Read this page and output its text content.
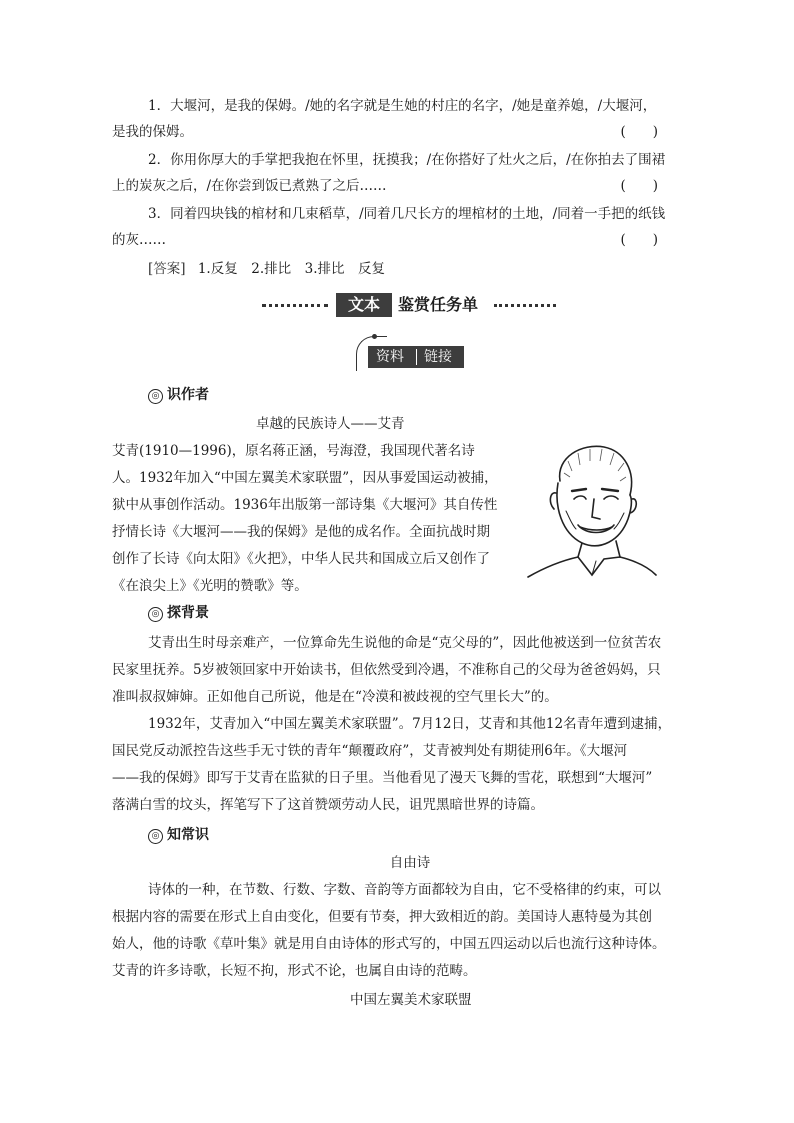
1．大堰河，是我的保姆。/她的名字就是生她的村庄的名字，/她是童养媳，/大堰河，
是我的保姆。	(　　)
2．你用你厚大的手掌把我抱在怀里，抚摸我；/在你搭好了灶火之后，/在你拍去了围裙
上的炭灰之后，/在你尝到饭已煮熟了之后……	(　　)
3．同着四块钱的棺材和几束稻草，/同着几尺长方的埋棺材的土地，/同着一手把的纸钱
的灰……	(　　)
[答案] 1.反复　2.排比　3.排比　反复
文本	鉴赏任务单
资料 链接
◎ 识作者
卓越的民族诗人——艾青
艾青(1910—1996)，原名蒋正涵，号海澄，我国现代著名诗
人。1932年加入“中国左翼美术家联盟”，因从事爱国运动被捕，
狱中从事创作活动。1936年出版第一部诗集《大堰河》其自传性
抒情长诗《大堰河——我的保姆》是他的成名作。全面抗战时期
创作了长诗《向太阳》《火把》，中华人民共和国成立后又创作了
《在浪尖上》《光明的赞歌》等。
◎ 探背景
艾青出生时母亲难产，一位算命先生说他的命是“克父母的”，因此他被送到一位贫苦农
民家里抚养。5岁被领回家中开始读书，但依然受到冷遇，不准称自己的父母为爸爸妈妈，只
准叫叔叔婶婶。正如他自己所说，他是在“冷漠和被歧视的空气里长大”的。
1932年，艾青加入“中国左翼美术家联盟”。7月12日，艾青和其他12名青年遭到逮捕，
国民党反动派控告这些手无寸铁的青年“颠覆政府”，艾青被判处有期徒刑6年。《大堰河
——我的保姆》即写于艾青在监狱的日子里。当他看见了漫天飞舞的雪花，联想到“大堰河”
落满白雪的坟头，挥笔写下了这首赞颂劳动人民，诅咒黑暗世界的诗篇。
◎ 知常识
自由诗
诗体的一种，在节数、行数、字数、音韵等方面都较为自由，它不受格律的约束，可以
根据内容的需要在形式上自由变化，但要有节奏，押大致相近的韵。美国诗人惠特曼为其创
始人，他的诗歌《草叶集》就是用自由诗体的形式写的，中国五四运动以后也流行这种诗体。
艾青的许多诗歌，长短不拘，形式不论，也属自由诗的范畴。
中国左翼美术家联盟
